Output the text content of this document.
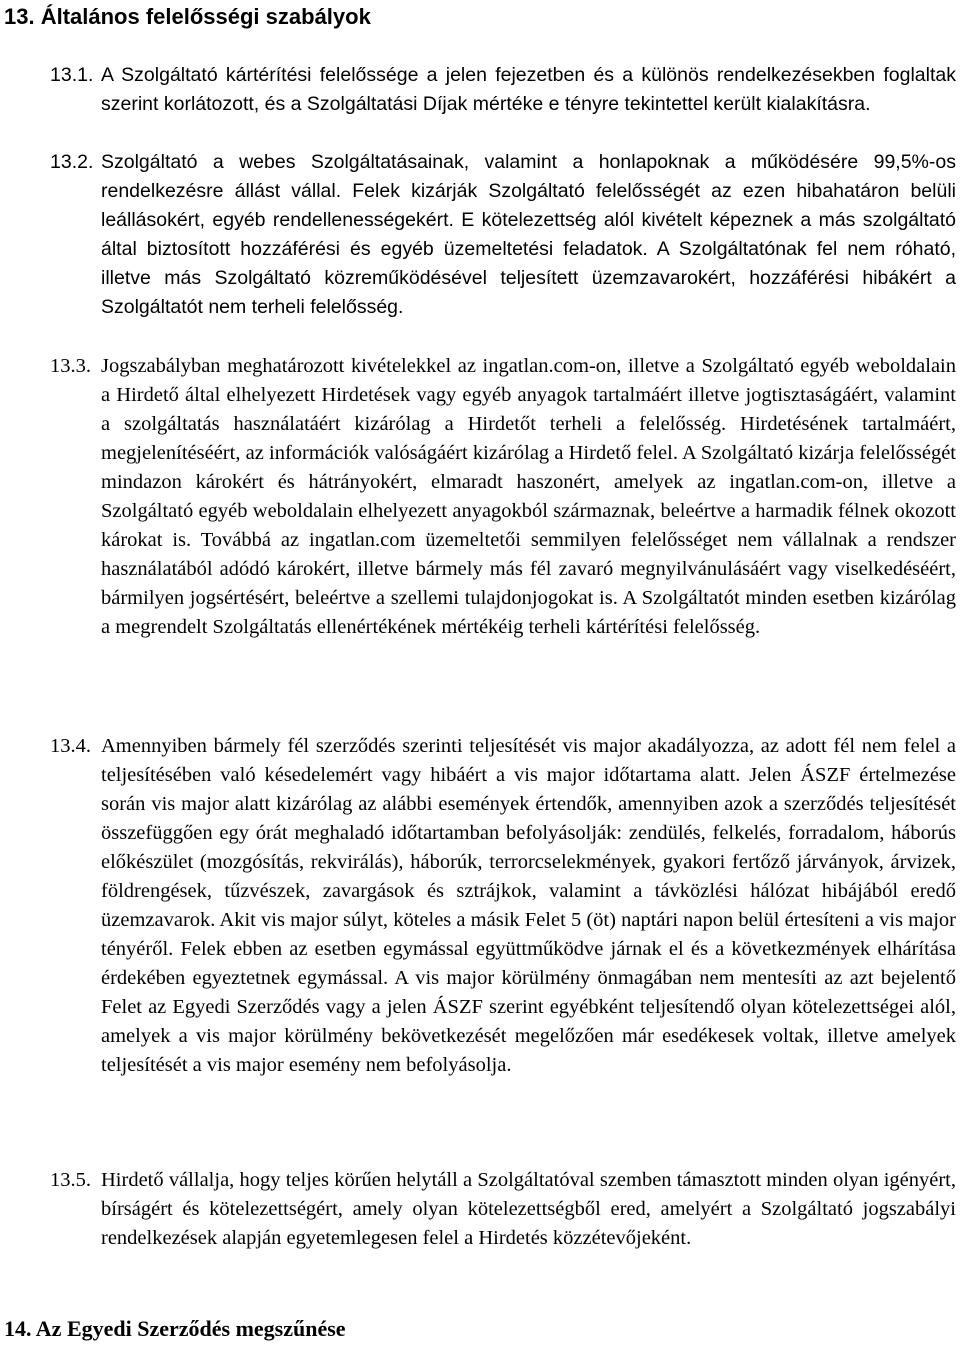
13. Általános felelősségi szabályok
13.1. A Szolgáltató kártérítési felelőssége a jelen fejezetben és a különös rendelkezésekben foglaltak szerint korlátozott, és a Szolgáltatási Díjak mértéke e tényre tekintettel került kialakításra.

13.2. Szolgáltató a webes Szolgáltatásainak, valamint a honlapoknak a működésére 99,5%-os rendelkezésre állást vállal. Felek kizárják Szolgáltató felelősségét az ezen hibahatáron belüli leállásokért, egyéb rendellenességekért. E kötelezettség alól kivételt képeznek a más szolgáltató által biztosított hozzáférési és egyéb üzemeltetési feladatok. A Szolgáltatónak fel nem róható, illetve más Szolgáltató közreműködésével teljesített üzemzavarokért, hozzáférési hibákért a Szolgáltatót nem terheli felelősség.

13.3. Jogszabályban meghatározott kivételekkel az ingatlan.com-on, illetve a Szolgáltató egyéb weboldalain a Hirdető által elhelyezett Hirdetések vagy egyéb anyagok tartalmáért illetve jogtisztaságáért, valamint a szolgáltatás használatáért kizárólag a Hirdetőt terheli a felelősség. Hirdetésének tartalmáért, megjelenítéséért, az információk valóságáért kizárólag a Hirdető felel. A Szolgáltató kizárja felelősségét mindazon károkért és hátrányokért, elmaradt haszonért, amelyek az ingatlan.com-on, illetve a Szolgáltató egyéb weboldalain elhelyezett anyagokból származnak, beleértve a harmadik félnek okozott károkat is. Továbbá az ingatlan.com üzemeltetői semmilyen felelősséget nem vállalnak a rendszer használatából adódó károkért, illetve bármely más fél zavaró megnyilvánulásáért vagy viselkedéséért, bármilyen jogsértésért, beleértve a szellemi tulajdonjogokat is. A Szolgáltatót minden esetben kizárólag a megrendelt Szolgáltatás ellenértékének mértékéig terheli kártérítési felelősség.

13.4. Amennyiben bármely fél szerződés szerinti teljesítését vis major akadályozza, az adott fél nem felel a teljesítésében való késedelemért vagy hibáért a vis major időtartama alatt. Jelen ÁSZF értelmezése során vis major alatt kizárólag az alábbi események értendők, amennyiben azok a szerződés teljesítését összefüggően egy órát meghaladó időtartamban befolyásolják: zendülés, felkelés, forradalom, háborús előkészület (mozgósítás, rekvirálás), háborúk, terrorcselekmények, gyakori fertőző járványok, árvizek, földrengések, tűzvészek, zavargások és sztrájkok, valamint a távközlési hálózat hibájából eredő üzemzavarok. Akit vis major súlyt, köteles a másik Felet 5 (öt) naptári napon belül értesíteni a vis major tényéről. Felek ebben az esetben egymással együttműködve járnak el és a következmények elhárítása érdekében egyeztetnek egymással. A vis major körülmény önmagában nem mentesíti az azt bejelentő Felet az Egyedi Szerződés vagy a jelen ÁSZF szerint egyébként teljesítendő olyan kötelezettségei alól, amelyek a vis major körülmény bekövetkezését megelőzően már esedékesek voltak, illetve amelyek teljesítését a vis major esemény nem befolyásolja.

13.5. Hirdető vállalja, hogy teljes körűen helytáll a Szolgáltatóval szemben támasztott minden olyan igényért, bírságért és kötelezettségért, amely olyan kötelezettségből ered, amelyért a Szolgáltató jogszabályi rendelkezések alapján egyetemlegesen felel a Hirdetés közzétevőjeként.

14. Az Egyedi Szerződés megszűnése
